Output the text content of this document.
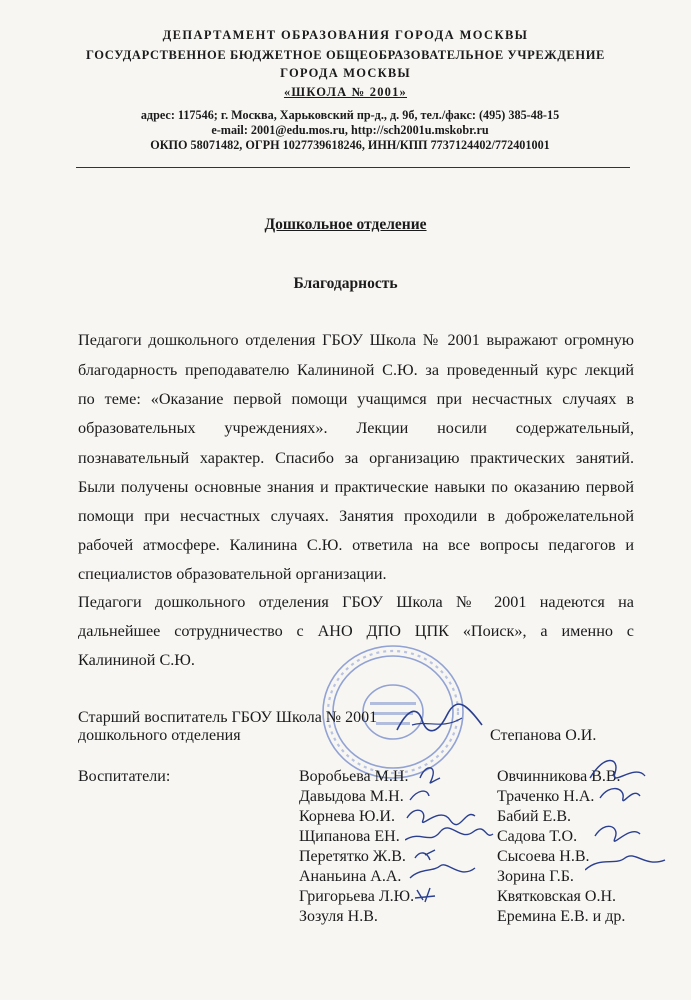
ДЕПАРТАМЕНТ ОБРАЗОВАНИЯ ГОРОДА МОСКВЫ
ГОСУДАРСТВЕННОЕ БЮДЖЕТНОЕ ОБЩЕОБРАЗОВАТЕЛЬНОЕ УЧРЕЖДЕНИЕ
ГОРОДА МОСКВЫ
«ШКОЛА № 2001»
адрес: 117546; г. Москва, Харьковский пр-д., д. 9б, тел./факс: (495) 385-48-15
e-mail: 2001@edu.mos.ru, http://sch2001u.mskobr.ru
ОКПО 58071482, ОГРН 1027739618246, ИНН/КПП 7737124402/772401001
Дошкольное отделение
Благодарность
Педагоги дошкольного отделения ГБОУ Школа № 2001 выражают огромную
благодарность преподавателю Калининой С.Ю. за проведенный курс лекций
по теме: «Оказание первой помощи учащимся при несчастных случаях в
образовательных учреждениях». Лекции носили содержательный,
познавательный характер. Спасибо за организацию практических занятий.
Были получены основные знания и практические навыки по оказанию первой
помощи при несчастных случаях. Занятия проходили в доброжелательной
рабочей атмосфере. Калинина С.Ю. ответила на все вопросы педагогов и
специалистов образовательной организации.
Педагоги дошкольного отделения ГБОУ Школа № 2001 надеются на
дальнейшее сотрудничество с АНО ДПО ЦПК «Поиск», а именно с
Калининой С.Ю.
Старший воспитатель ГБОУ Школа № 2001
дошкольного отделения	Степанова О.И.
Воспитатели:	Воробьева М.Н.
Давыдова М.Н.
Корнева Ю.И.
Щипанова ЕН.
Перетятко Ж.В.
Ананьина А.А.
Григорьева Л.Ю.
Зозуля Н.В.
Овчинникова В.В.
Траченко Н.А.
Бабий Е.В.
Садова Т.О.
Сысоева Н.В.
Зорина Г.Б.
Квятковская О.Н.
Еремина Е.В. и др.
